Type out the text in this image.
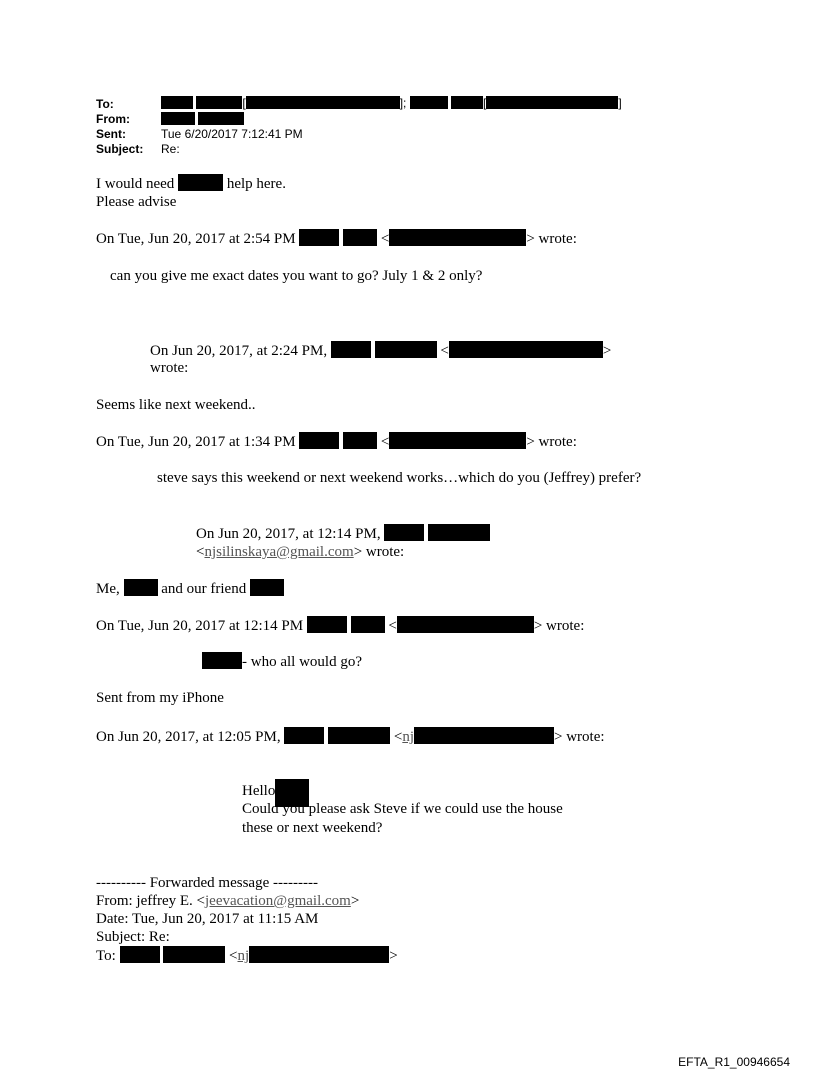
To:	[	];	[	]
From:

Sent:	Tue 6/20/2017 7:12:41 PM
Subject: Re:
I would need	help here.
Please advise
On Tue, Jun 20, 2017 at 2:54 PM	<	> wrote:
can you give me exact dates you want to go? July 1 & 2 only?
On Jun 20, 2017, at 2:24 PM,	<	>
wrote:
Seems like next weekend..
On Tue, Jun 20, 2017 at 1:34 PM	<	> wrote:
steve says this weekend or next weekend works…which do you (Jeffrey) prefer?
On Jun 20, 2017, at 12:14 PM,
<njsilinskaya@gmail.com> wrote:
Me,	and our friend
On Tue, Jun 20, 2017 at 12:14 PM	<	> wrote:
- who all would go?
Sent from my iPhone
On Jun 20, 2017, at 12:05 PM,	<nj	> wrote:
Hello
Could you please ask Steve if we could use the house
these or next weekend?
---------- Forwarded message ---------
From: jeffrey E. <jeevacation@gmail.com>
Date: Tue, Jun 20, 2017 at 11:15 AM
Subject: Re:
To:	<nj	>
EFTA_R1_00946654
